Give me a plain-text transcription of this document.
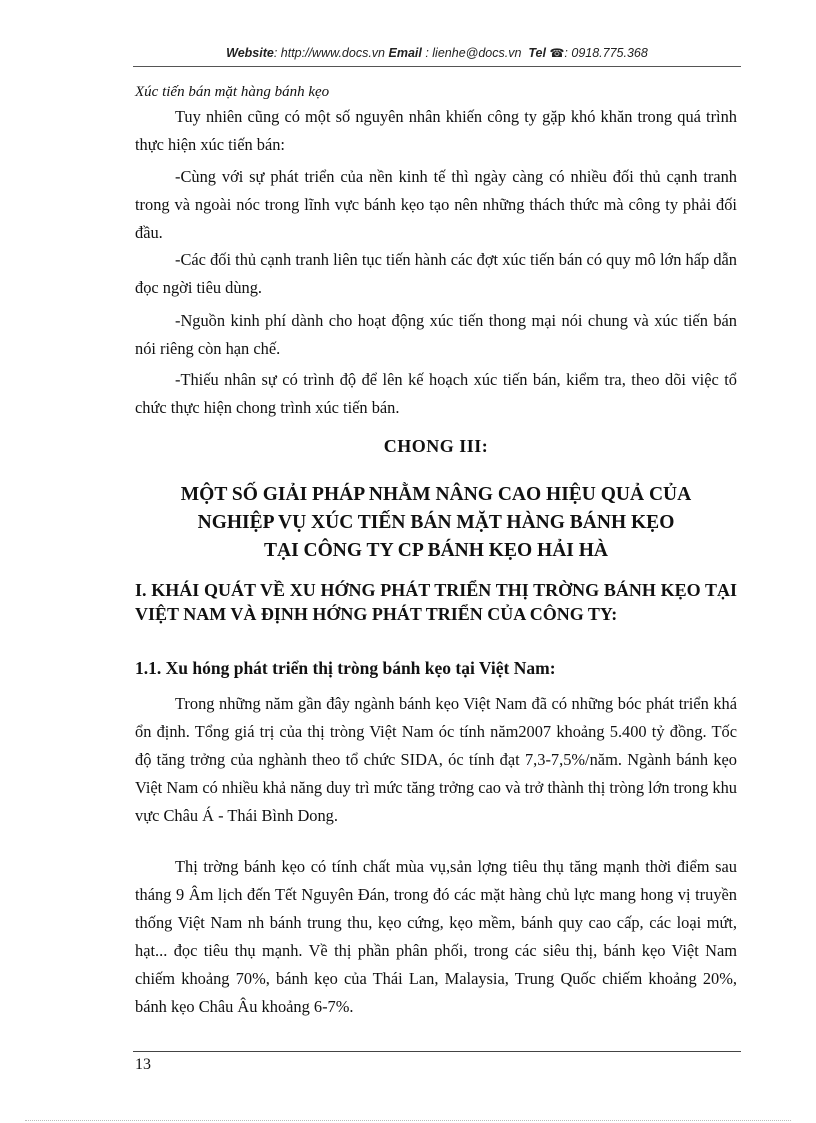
Website: http://www.docs.vn Email : lienhe@docs.vn Tel ☎: 0918.775.368
Xúc tiến bán mặt hàng bánh kẹo

Tuy nhiên cũng có một số nguyên nhân khiến công ty gặp khó khăn trong quá trình thực hiện xúc tiến bán:

-Cùng với sự phát triển của nền kinh tế thì ngày càng có nhiều đối thủ cạnh tranh trong và ngoài nóc trong lĩnh vực bánh kẹo tạo nên những thách thức mà công ty phải đối đầu.

-Các đối thủ cạnh tranh liên tục tiến hành các đợt xúc tiến bán có quy mô lớn hấp dẫn đọc ngời tiêu dùng.

-Nguồn kinh phí dành cho hoạt động xúc tiến thong mại nói chung và xúc tiến bán nói riêng còn hạn chế.

-Thiếu nhân sự có trình độ để lên kế hoạch xúc tiến bán, kiểm tra, theo dõi việc tổ chức thực hiện chong trình xúc tiến bán.

CHONG III:
MỘT SỐ GIẢI PHÁP NHẰM NÂNG CAO HIỆU QUẢ CỦA
NGHIỆP VỤ XÚC TIẾN BÁN MẶT HÀNG BÁNH KẸO
TẠI CÔNG TY CP BÁNH KẸO HẢI HÀ
I. KHÁI QUÁT VỀ XU HỚNG PHÁT TRIỂN THỊ TRỜNG BÁNH KẸO TẠI VIỆT NAM VÀ ĐỊNH HỚNG PHÁT TRIỂN CỦA CÔNG TY:
1.1. Xu hóng phát triển thị tròng bánh kẹo tại Việt Nam:

Trong những năm gần đây ngành bánh kẹo Việt Nam đã có những bóc phát triển khá ổn định. Tổng giá trị của thị tròng Việt Nam óc tính năm2007 khoảng 5.400 tỷ đồng. Tốc độ tăng trởng của nghành theo tổ chức SIDA, óc tính đạt 7,3-7,5%/năm. Ngành bánh kẹo Việt Nam có nhiều khả năng duy trì mức tăng trởng cao và trở thành thị tròng lớn trong khu vực Châu Á - Thái Bình Dong.

Thị trờng bánh kẹo có tính chất mùa vụ,sản lợng tiêu thụ tăng mạnh thời điểm sau tháng 9 Âm lịch đến Tết Nguyên Đán, trong đó các mặt hàng chủ lực mang hong vị truyền thống Việt Nam nh bánh trung thu, kẹo cứng, kẹo mềm, bánh quy cao cấp, các loại mứt, hạt... đọc tiêu thụ mạnh. Về thị phần phân phối, trong các siêu thị, bánh kẹo Việt Nam chiếm khoảng 70%, bánh kẹo của Thái Lan, Malaysia, Trung Quốc chiếm khoảng 20%, bánh kẹo Châu Âu khoảng 6-7%.

13
